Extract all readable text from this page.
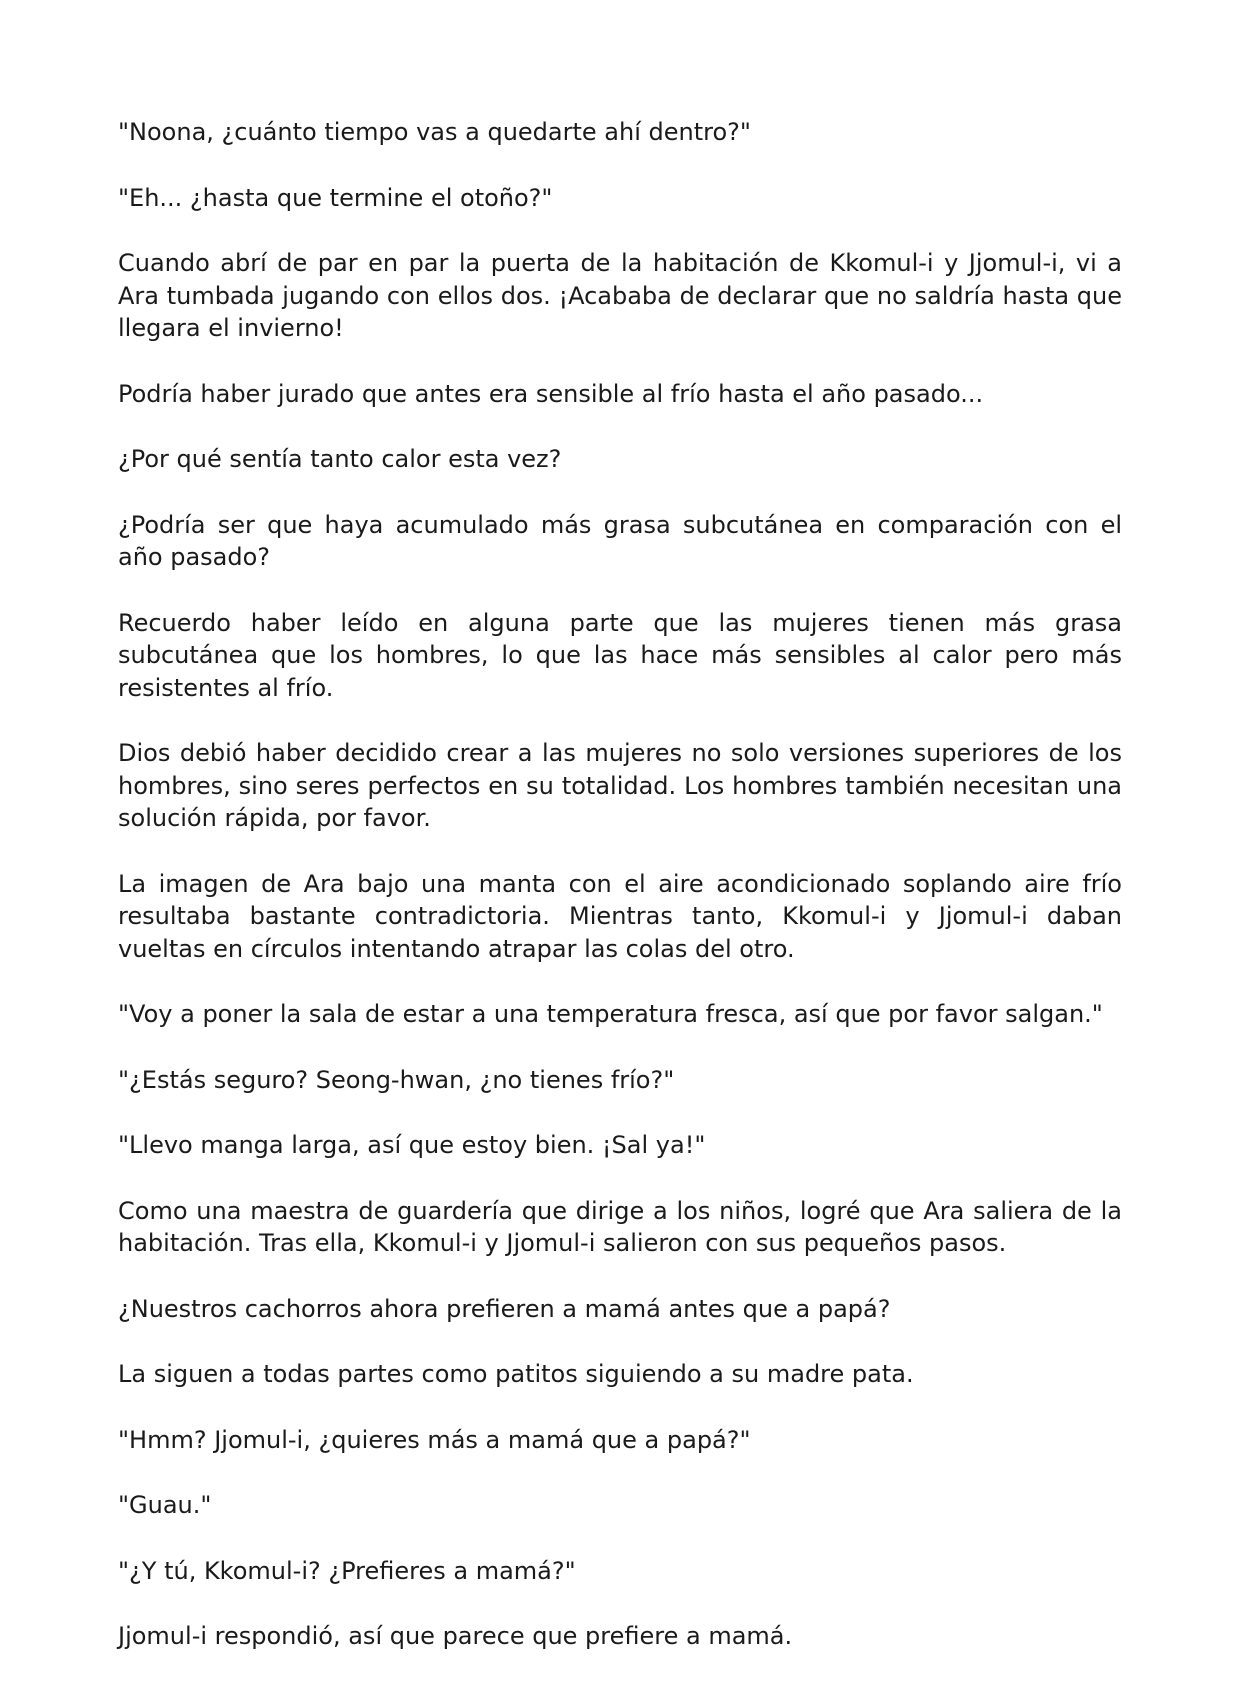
"Noona, ¿cuánto tiempo vas a quedarte ahí dentro?"

"Eh... ¿hasta que termine el otoño?"

Cuando abrí de par en par la puerta de la habitación de Kkomul-i y Jjomul-i, vi a Ara tumbada jugando con ellos dos. ¡Acababa de declarar que no saldría hasta que llegara el invierno!

Podría haber jurado que antes era sensible al frío hasta el año pasado...

¿Por qué sentía tanto calor esta vez?

¿Podría ser que haya acumulado más grasa subcutánea en comparación con el año pasado?

Recuerdo haber leído en alguna parte que las mujeres tienen más grasa subcutánea que los hombres, lo que las hace más sensibles al calor pero más resistentes al frío.

Dios debió haber decidido crear a las mujeres no solo versiones superiores de los hombres, sino seres perfectos en su totalidad. Los hombres también necesitan una solución rápida, por favor.

La imagen de Ara bajo una manta con el aire acondicionado soplando aire frío resultaba bastante contradictoria. Mientras tanto, Kkomul-i y Jjomul-i daban vueltas en círculos intentando atrapar las colas del otro.

"Voy a poner la sala de estar a una temperatura fresca, así que por favor salgan."

"¿Estás seguro? Seong-hwan, ¿no tienes frío?"

"Llevo manga larga, así que estoy bien. ¡Sal ya!"

Como una maestra de guardería que dirige a los niños, logré que Ara saliera de la habitación. Tras ella, Kkomul-i y Jjomul-i salieron con sus pequeños pasos.

¿Nuestros cachorros ahora prefieren a mamá antes que a papá?

La siguen a todas partes como patitos siguiendo a su madre pata.

"Hmm? Jjomul-i, ¿quieres más a mamá que a papá?"

"Guau."

"¿Y tú, Kkomul-i? ¿Prefieres a mamá?"

Jjomul-i respondió, así que parece que prefiere a mamá.
